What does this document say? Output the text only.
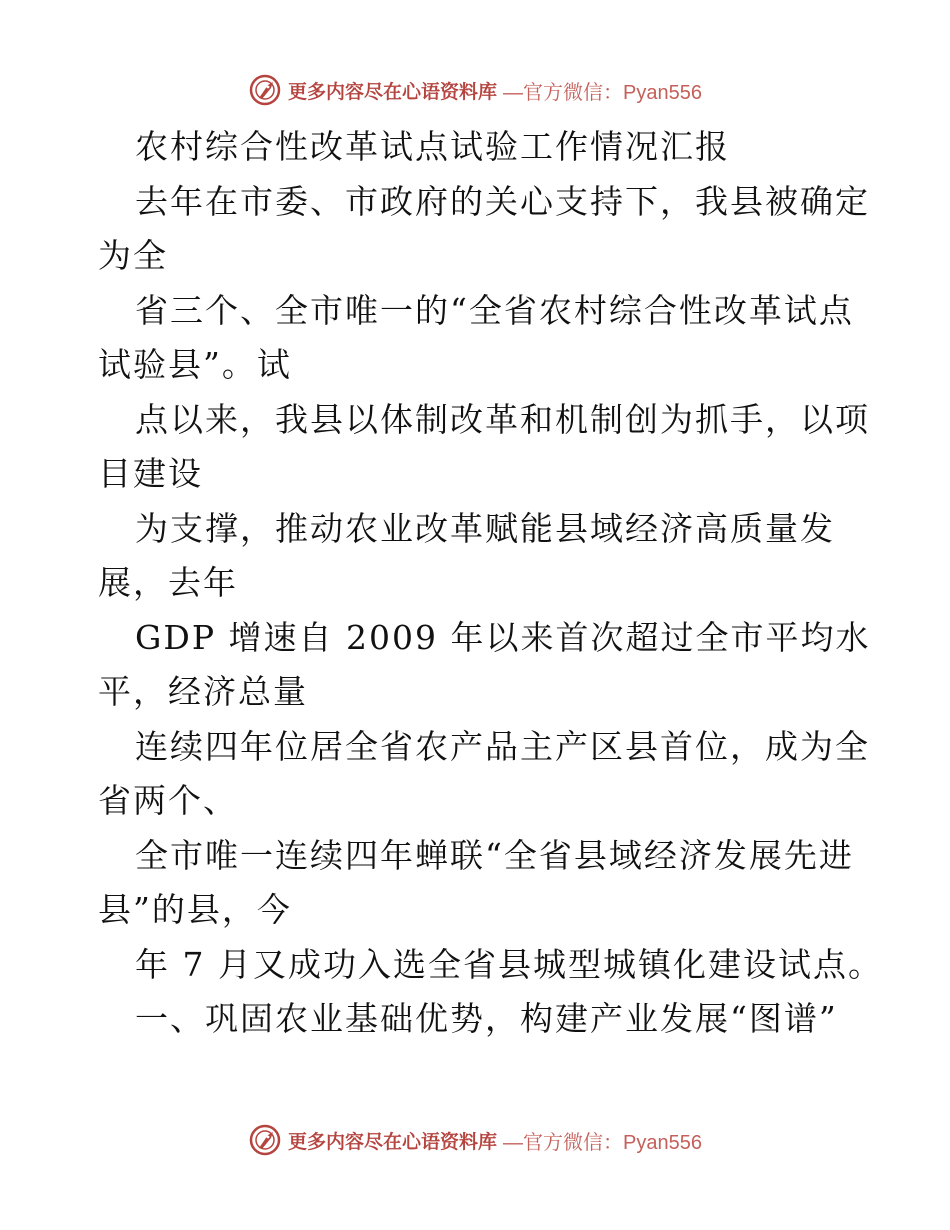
更多内容尽在心语资料库 —官方微信：Pyan556
农村综合性改革试点试验工作情况汇报
去年在市委、市政府的关心支持下，我县被确定
为全
省三个、全市唯一的“全省农村综合性改革试点
试验县”。试
点以来，我县以体制改革和机制创为抓手，以项
目建设
为支撑，推动农业改革赋能县域经济高质量发
展，去年
GDP 增速自 2009 年以来首次超过全市平均水
平，经济总量
连续四年位居全省农产品主产区县首位，成为全
省两个、
全市唯一连续四年蝉联“全省县域经济发展先进
县”的县，今
年 7 月又成功入选全省县城型城镇化建设试点。
一、巩固农业基础优势，构建产业发展“图谱”
更多内容尽在心语资料库 —官方微信：Pyan556
